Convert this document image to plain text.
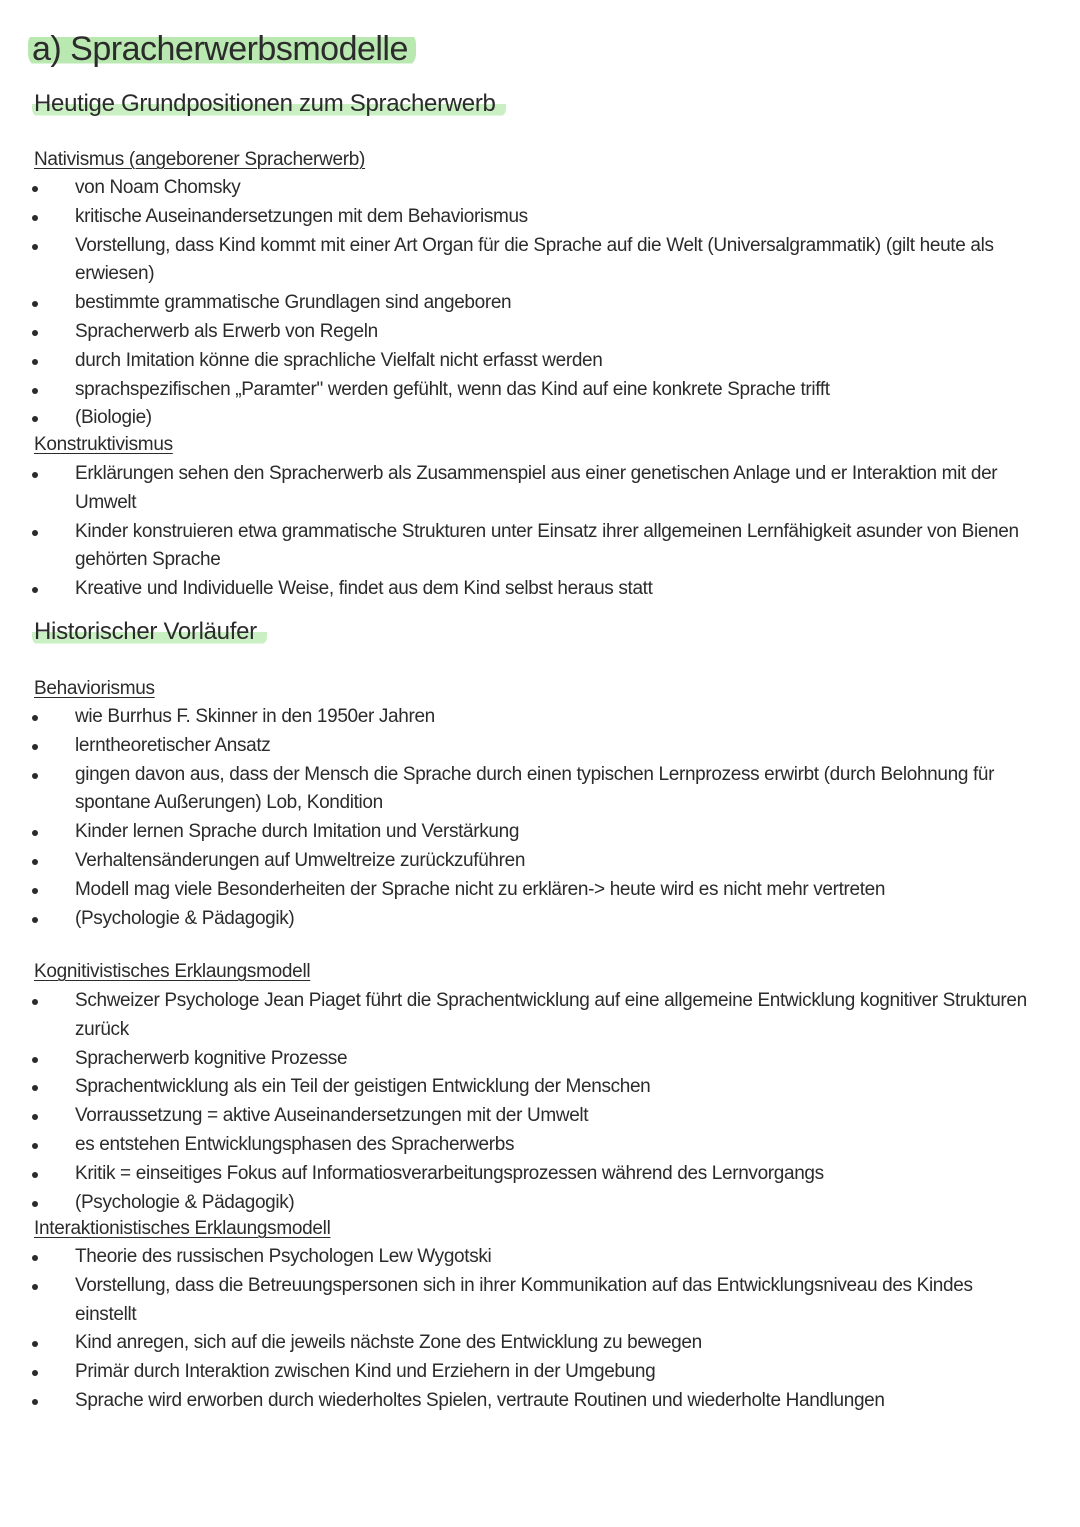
a) Spracherwerbsmodelle
Heutige Grundpositionen zum Spracherwerb
Nativismus (angeborener Spracherwerb)
von Noam Chomsky
kritische Auseinandersetzungen mit dem Behaviorismus
Vorstellung, dass Kind kommt mit einer Art Organ für die Sprache auf die Welt (Universalgrammatik) (gilt heute als erwiesen)
bestimmte grammatische Grundlagen sind angeboren
Spracherwerb als Erwerb von Regeln
durch Imitation könne die sprachliche Vielfalt nicht erfasst werden
sprachspezifischen „Paramter" werden gefühlt, wenn das Kind auf eine konkrete Sprache trifft
(Biologie)
Konstruktivismus
Erklärungen sehen den Spracherwerb als Zusammenspiel aus einer genetischen Anlage und er Interaktion mit der Umwelt
Kinder konstruieren etwa grammatische Strukturen unter Einsatz ihrer allgemeinen Lernfähigkeit asunder von Bienen gehörten Sprache
Kreative und Individuelle Weise, findet aus dem Kind selbst heraus statt
Historischer Vorläufer
Behaviorismus
wie Burrhus F. Skinner in den 1950er Jahren
lerntheoretischer Ansatz
gingen davon aus, dass der Mensch die Sprache durch einen typischen Lernprozess erwirbt (durch Belohnung für spontane Außerungen) Lob, Kondition
Kinder lernen Sprache durch Imitation und Verstärkung
Verhaltensänderungen auf Umweltreize zurückzuführen
Modell mag viele Besonderheiten der Sprache nicht zu erklären-> heute wird es nicht mehr vertreten
(Psychologie & Pädagogik)
Kognitivistisches Erklaungsmodell
Schweizer Psychologe Jean Piaget führt die Sprachentwicklung auf eine allgemeine Entwicklung kognitiver Strukturen zurück
Spracherwerb kognitive Prozesse
Sprachentwicklung als ein Teil der geistigen Entwicklung der Menschen
Vorraussetzung = aktive Auseinandersetzungen mit der Umwelt
es entstehen Entwicklungsphasen des Spracherwerbs
Kritik = einseitiges Fokus auf Informatiosverarbeitungsprozessen während des Lernvorgangs
(Psychologie & Pädagogik)
Interaktionistisches Erklaungsmodell
Theorie des russischen Psychologen Lew Wygotski
Vorstellung, dass die Betreuungspersonen sich in ihrer Kommunikation auf das Entwicklungsniveau des Kindes einstellt
Kind anregen, sich auf die jeweils nächste Zone des Entwicklung zu bewegen
Primär durch Interaktion zwischen Kind und Erziehern in der Umgebung
Sprache wird erworben durch wiederholtes Spielen, vertraute Routinen und wiederholte Handlungen
